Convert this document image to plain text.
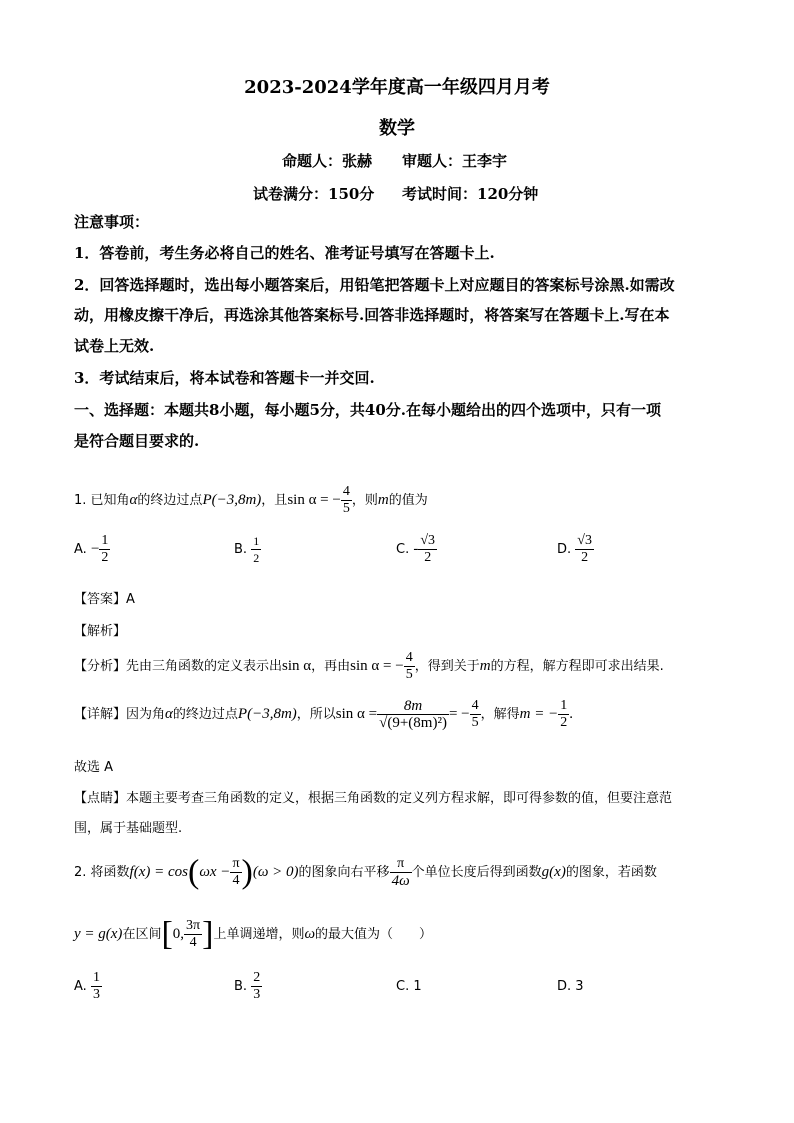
2023-2024学年度高一年级四月月考
数学
命题人：张赫 审题人：王李宇
试卷满分：150分 考试时间：120分钟
注意事项：
1．答卷前，考生务必将自己的姓名、准考证号填写在答题卡上.
2．回答选择题时，选出每小题答案后，用铅笔把答题卡上对应题目的答案标号涂黑.如需改
动，用橡皮擦干净后，再选涂其他答案标号.回答非选择题时，将答案写在答题卡上.写在本
试卷上无效.
3．考试结束后，将本试卷和答题卡一并交回.
一、选择题：本题共8小题，每小题5分，共40分.在每小题给出的四个选项中，只有一项
是符合题目要求的.
1. 已知角α的终边过点P(−3,8m)，且sin α = − $\frac{4}{5}$ ，则m的值为
A. − $\frac{1}{2}$	B. $\frac{1}{2}$	C. - $\frac{√3}{2}$	D. $\frac{√3}{2}$
【答案】A
【解析】
【分析】先由三角函数的定义表示出sin α，再由sin α = − $\frac{4}{5}$ ，得到关于m的方程，解方程即可求出结果.
【详解】因为角α的终边过点P(−3,8m)，所以$\sin \alpha = \frac{8m}{\text{√(9+(8m)²)}}$ = − $\frac{4}{5}$ ，解得m = − $\frac{1}{2}$ .
故选 A
【点睛】本题主要考查三角函数的定义，根据三角函数的定义列方程求解，即可得参数的值，但要注意范
围，属于基础题型.
2. 将函数$f(x) = \cos(\omega x - \frac{\pi}{4} )(\omega > 0)$的图象向右平移 $\frac{\pi}{4\omega}$ 个单位长度后得到函数g(x)的图象，若函数
y = g(x)在区间[0, $\frac{3\pi}{4}$ ]上单调递增，则ω的最大值为（　　）
A. $\frac{1}{3}$	B. $\frac{2}{3}$	C. 1	D. 3
